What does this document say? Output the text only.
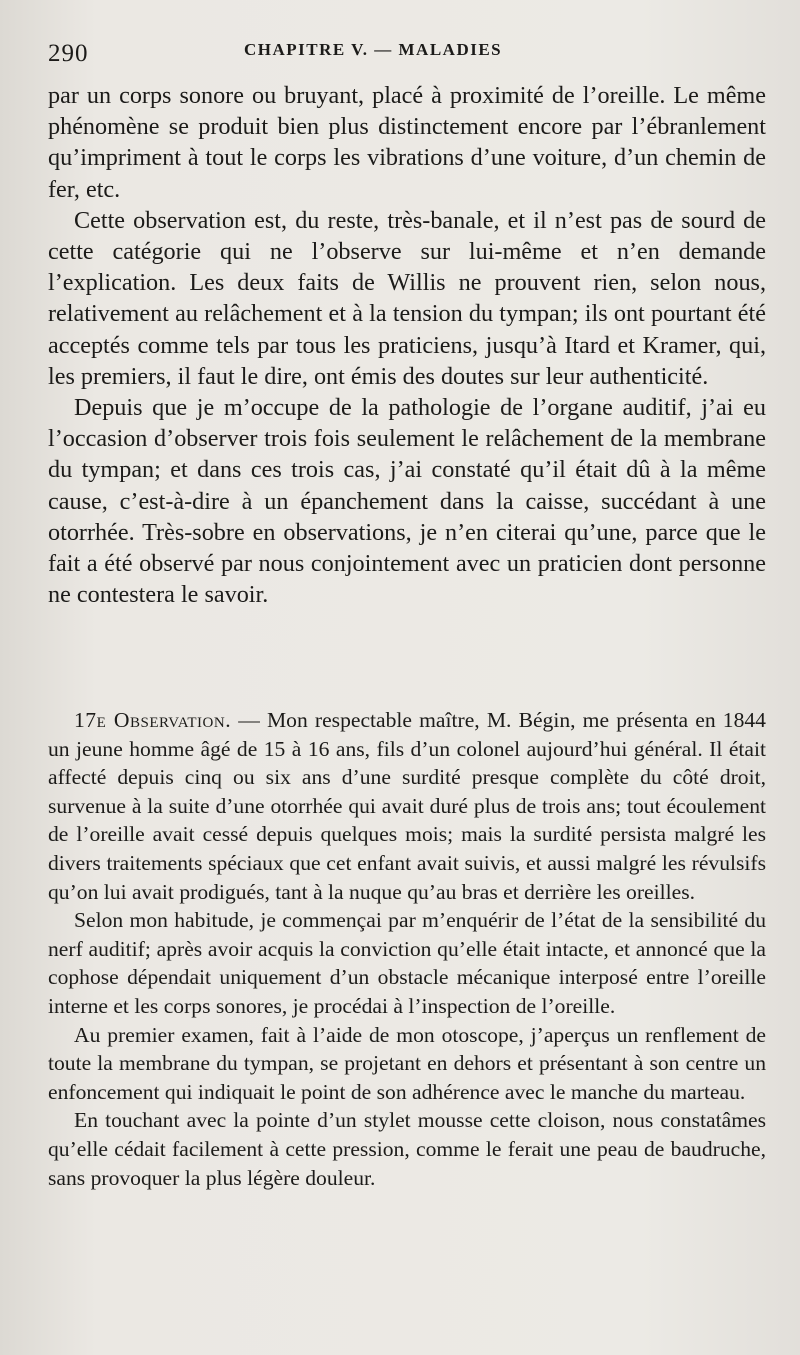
290	CHAPITRE V. — MALADIES

par un corps sonore ou bruyant, placé à proximité de l’oreille. Le même phénomène se produit bien plus distinctement encore par l’ébranlement qu’impriment à tout le corps les vibrations d’une voiture, d’un chemin de fer, etc.

Cette observation est, du reste, très-banale, et il n’est pas de sourd de cette catégorie qui ne l’observe sur lui-même et n’en demande l’explication. Les deux faits de Willis ne prouvent rien, selon nous, relativement au relâchement et à la tension du tympan; ils ont pourtant été acceptés comme tels par tous les praticiens, jusqu’à Itard et Kramer, qui, les premiers, il faut le dire, ont émis des doutes sur leur authenticité.

Depuis que je m’occupe de la pathologie de l’organe auditif, j’ai eu l’occasion d’observer trois fois seulement le relâchement de la membrane du tympan; et dans ces trois cas, j’ai constaté qu’il était dû à la même cause, c’est-à-dire à un épanchement dans la caisse, succédant à une otorrhée. Très-sobre en observations, je n’en citerai qu’une, parce que le fait a été observé par nous conjointement avec un praticien dont personne ne contestera le savoir.

17e Observation. — Mon respectable maître, M. Bégin, me présenta en 1844 un jeune homme âgé de 15 à 16 ans, fils d’un colonel aujourd’hui général. Il était affecté depuis cinq ou six ans d’une surdité presque complète du côté droit, survenue à la suite d’une otorrhée qui avait duré plus de trois ans; tout écoulement de l’oreille avait cessé depuis quelques mois; mais la surdité persista malgré les divers traitements spéciaux que cet enfant avait suivis, et aussi malgré les révulsifs qu’on lui avait prodigués, tant à la nuque qu’au bras et derrière les oreilles.

Selon mon habitude, je commençai par m’enquérir de l’état de la sensibilité du nerf auditif; après avoir acquis la conviction qu’elle était intacte, et annoncé que la cophose dépendait uniquement d’un obstacle mécanique interposé entre l’oreille interne et les corps sonores, je procédai à l’inspection de l’oreille.

Au premier examen, fait à l’aide de mon otoscope, j’aperçus un renflement de toute la membrane du tympan, se projetant en dehors et présentant à son centre un enfoncement qui indiquait le point de son adhérence avec le manche du marteau.

En touchant avec la pointe d’un stylet mousse cette cloison, nous constatâmes qu’elle cédait facilement à cette pression, comme le ferait une peau de baudruche, sans provoquer la plus légère douleur.
